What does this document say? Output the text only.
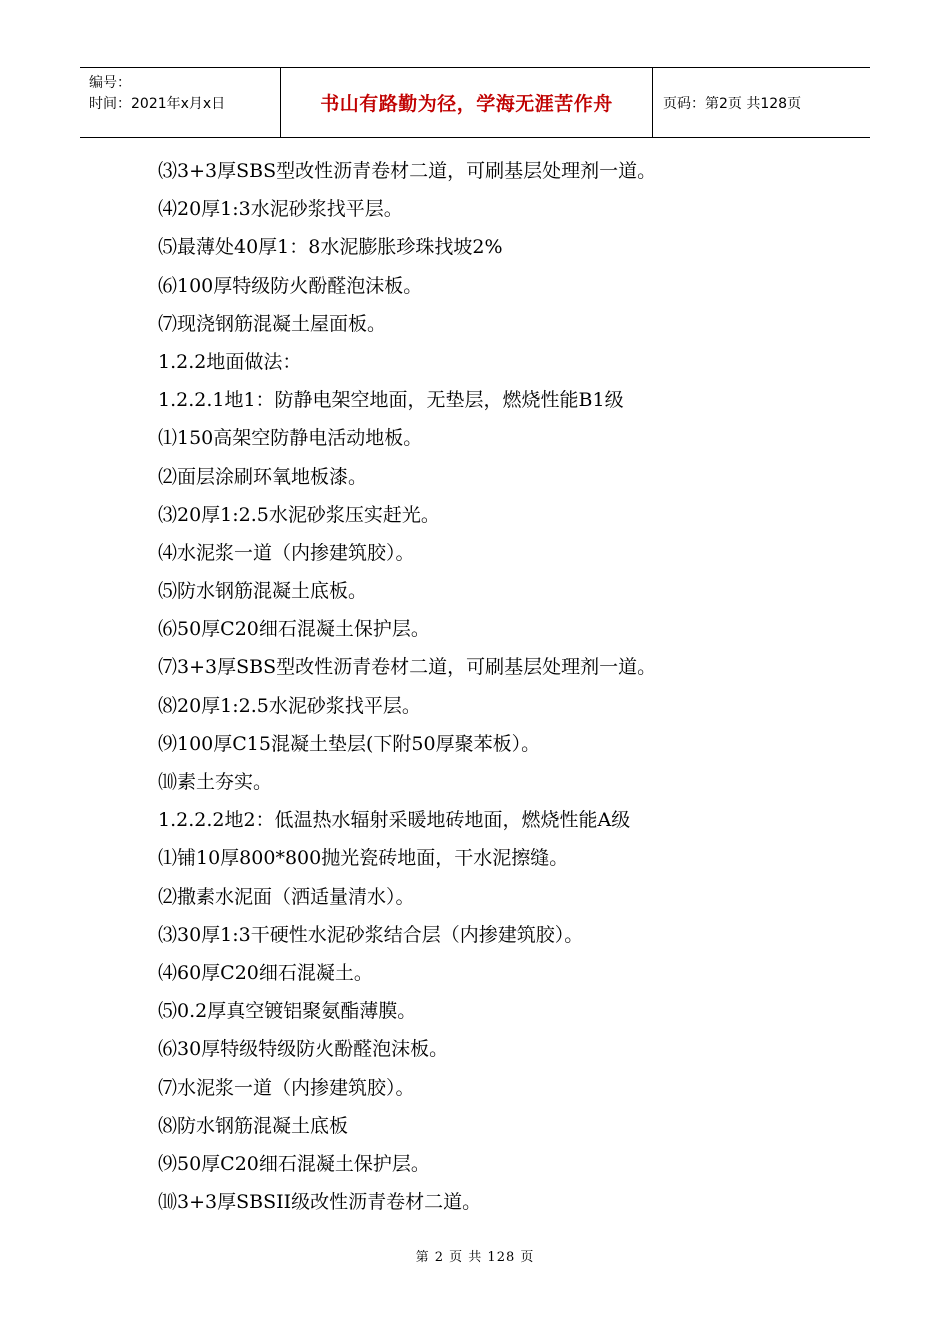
编号：
时间：2021年x月x日	书山有路勤为径，学海无涯苦作舟	页码：第2页 共128页
⑶3+3厚SBS型改性沥青卷材二道，可刷基层处理剂一道。
⑷20厚1:3水泥砂浆找平层。
⑸最薄处40厚1：8水泥膨胀珍珠找坡2%
⑹100厚特级防火酚醛泡沫板。
⑺现浇钢筋混凝土屋面板。
1.2.2地面做法：
1.2.2.1地1：防静电架空地面，无垫层，燃烧性能B1级
⑴150高架空防静电活动地板。
⑵面层涂刷环氧地板漆。
⑶20厚1:2.5水泥砂浆压实赶光。
⑷水泥浆一道（内掺建筑胶）。
⑸防水钢筋混凝土底板。
⑹50厚C20细石混凝土保护层。
⑺3+3厚SBS型改性沥青卷材二道，可刷基层处理剂一道。
⑻20厚1:2.5水泥砂浆找平层。
⑼100厚C15混凝土垫层(下附50厚聚苯板）。
⑽素土夯实。
1.2.2.2地2：低温热水辐射采暖地砖地面，燃烧性能A级
⑴铺10厚800*800抛光瓷砖地面，干水泥擦缝。
⑵撒素水泥面（洒适量清水）。
⑶30厚1:3干硬性水泥砂浆结合层（内掺建筑胶）。
⑷60厚C20细石混凝土。
⑸0.2厚真空镀铝聚氨酯薄膜。
⑹30厚特级特级防火酚醛泡沫板。
⑺水泥浆一道（内掺建筑胶）。
⑻防水钢筋混凝土底板
⑼50厚C20细石混凝土保护层。
⑽3+3厚SBSII级改性沥青卷材二道。
第 2 页 共 128 页
